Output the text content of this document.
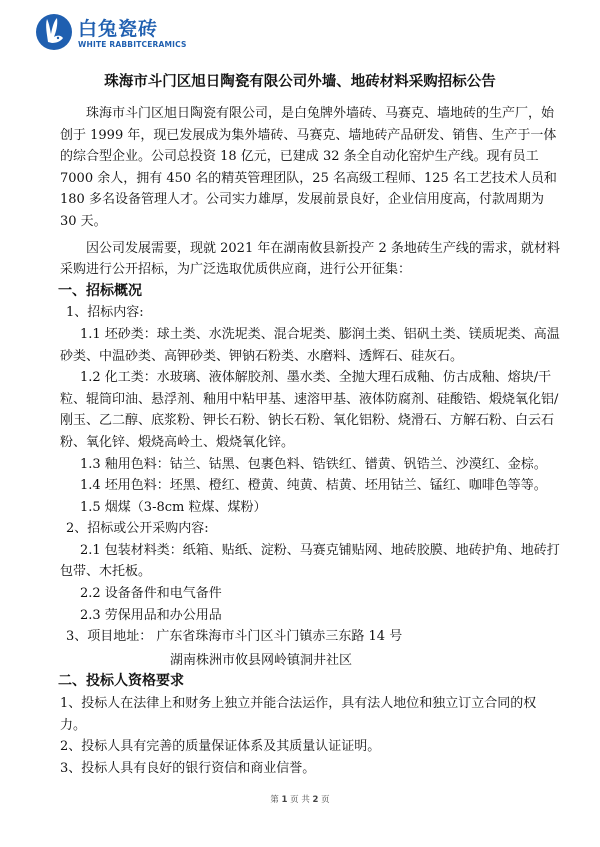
白兔瓷砖
WHITE RABBITCERAMICS
珠海市斗门区旭日陶瓷有限公司外墙、地砖材料采购招标公告

珠海市斗门区旭日陶瓷有限公司，是白兔牌外墙砖、马赛克、墙地砖的生产厂，始创于 1999 年，现已发展成为集外墙砖、马赛克、墙地砖产品研发、销售、生产于一体的综合型企业。公司总投资 18 亿元，已建成 32 条全自动化窑炉生产线。现有员工 7000 余人，拥有 450 名的精英管理团队，25 名高级工程师、125 名工艺技术人员和 180 多名设备管理人才。公司实力雄厚，发展前景良好，企业信用度高，付款周期为 30 天。

因公司发展需要，现就 2021 年在湖南攸县新投产 2 条地砖生产线的需求，就材料采购进行公开招标，为广泛选取优质供应商，进行公开征集：

一、招标概况

1、招标内容:

1.1 坯砂类：球土类、水洗坭类、混合坭类、膨润土类、铝矾土类、镁质坭类、高温砂类、中温砂类、高钾砂类、钾钠石粉类、水磨料、透辉石、硅灰石。

1.2 化工类：水玻璃、液体解胶剂、墨水类、全抛大理石成釉、仿古成釉、熔块/干粒、辊筒印油、悬浮剂、釉用中粘甲基、速溶甲基、液体防腐剂、硅酸锆、煅烧氧化铝/刚玉、乙二醇、底浆粉、钾长石粉、钠长石粉、氧化铝粉、烧滑石、方解石粉、白云石粉、氧化锌、煅烧高岭土、煅烧氧化锌。

1.3 釉用色料：钴兰、钴黑、包裹色料、锆铁红、镨黄、钒锆兰、沙漠红、金棕。

1.4 坯用色料：坯黑、橙红、橙黄、纯黄、桔黄、坯用钴兰、锰红、咖啡色等等。

1.5 烟煤（3-8cm 粒煤、煤粉）

2、招标或公开采购内容:

2.1 包装材料类：纸箱、贴纸、淀粉、马赛克铺贴网、地砖胶膜、地砖护角、地砖打包带、木托板。

2.2 设备备件和电气备件

2.3 劳保用品和办公用品

3、项目地址： 广东省珠海市斗门区斗门镇赤三东路 14 号

湖南株洲市攸县网岭镇洞井社区

二、投标人资格要求

1、投标人在法律上和财务上独立并能合法运作，具有法人地位和独立订立合同的权力。

2、投标人具有完善的质量保证体系及其质量认证证明。

3、投标人具有良好的银行资信和商业信誉。

第 1 页 共 2 页
